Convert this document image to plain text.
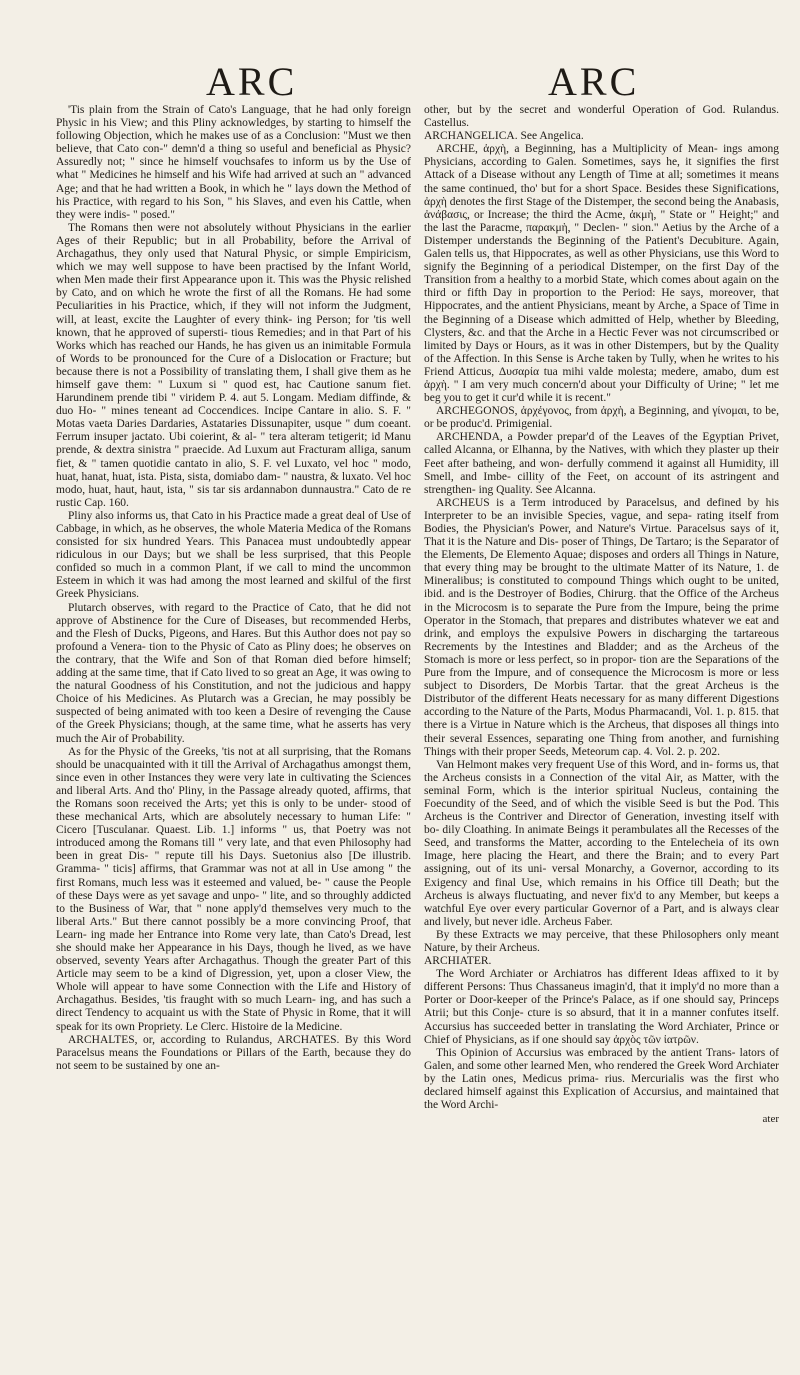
ARC	ARC

'Tis plain from the Strain of Cato's Language, that he had only foreign Physic in his View; and this Pliny acknowledges, by starting to himself the following Objection, which he makes use of as a Conclusion: "Must we then believe, that Cato con-" demn'd a thing so useful and beneficial as Physic? Assuredly not; " since he himself vouchsafes to inform us by the Use of what " Medicines he himself and his Wife had arrived at such an " advanced Age; and that he had written a Book, in which he " lays down the Method of his Practice, with regard to his Son, " his Slaves, and even his Cattle, when they were indis- " posed."

The Romans then were not absolutely without Physicians in the earlier Ages of their Republic; but in all Probability, before the Arrival of Archagathus, they only used that Natural Physic, or simple Empiricism, which we may well suppose to have been practised by the Infant World, when Men made their first Appearance upon it. This was the Physic relished by Cato, and on which he wrote the first of all the Romans. He had some Peculiarities in his Practice, which, if they will not inform the Judgment, will, at least, excite the Laughter of every think- ing Person; for 'tis well known, that he approved of supersti- tious Remedies; and in that Part of his Works which has reached our Hands, he has given us an inimitable Formula of Words to be pronounced for the Cure of a Dislocation or Fracture; but because there is not a Possibility of translating them, I shall give them as he himself gave them: " Luxum si " quod est, hac Cautione sanum fiet. Harundinem prende tibi " viridem P. 4. aut 5. Longam. Mediam diffinde, & duo Ho- " mines teneant ad Coccendices. Incipe Cantare in alio. S. F. " Motas vaeta Daries Dardaries, Astataries Dissunapiter, usque " dum coeant. Ferrum insuper jactato. Ubi coierint, & al- " tera alteram tetigerit; id Manu prende, & dextra sinistra " praecide. Ad Luxum aut Fracturam alliga, sanum fiet, & " tamen quotidie cantato in alio, S. F. vel Luxato, vel hoc " modo, huat, hanat, huat, ista. Pista, sista, domiabo dam- " naustra, & luxato. Vel hoc modo, huat, haut, haut, ista, " sis tar sis ardannabon dunnaustra." Cato de re rustic Cap. 160.

Pliny also informs us, that Cato in his Practice made a great deal of Use of Cabbage, in which, as he observes, the whole Materia Medica of the Romans consisted for six hundred Years. This Panacea must undoubtedly appear ridiculous in our Days; but we shall be less surprised, that this People confided so much in a common Plant, if we call to mind the uncommon Esteem in which it was had among the most learned and skilful of the first Greek Physicians.

Plutarch observes, with regard to the Practice of Cato, that he did not approve of Abstinence for the Cure of Diseases, but recommended Herbs, and the Flesh of Ducks, Pigeons, and Hares. But this Author does not pay so profound a Venera- tion to the Physic of Cato as Pliny does; he observes on the contrary, that the Wife and Son of that Roman died before himself; adding at the same time, that if Cato lived to so great an Age, it was owing to the natural Goodness of his Constitution, and not the judicious and happy Choice of his Medicines. As Plutarch was a Grecian, he may possibly be suspected of being animated with too keen a Desire of revenging the Cause of the Greek Physicians; though, at the same time, what he asserts has very much the Air of Probability.

As for the Physic of the Greeks, 'tis not at all surprising, that the Romans should be unacquainted with it till the Arrival of Archagathus amongst them, since even in other Instances they were very late in cultivating the Sciences and liberal Arts. And tho' Pliny, in the Passage already quoted, affirms, that the Romans soon received the Arts; yet this is only to be under- stood of these mechanical Arts, which are absolutely necessary to human Life: " Cicero [Tusculanar. Quaest. Lib. 1.] informs " us, that Poetry was not introduced among the Romans till " very late, and that even Philosophy had been in great Dis- " repute till his Days. Suetonius also [De illustrib. Gramma- " ticis] affirms, that Grammar was not at all in Use among " the first Romans, much less was it esteemed and valued, be- " cause the People of these Days were as yet savage and unpo- " lite, and so throughly addicted to the Business of War, that " none apply'd themselves very much to the liberal Arts." But there cannot possibly be a more convincing Proof, that Learn- ing made her Entrance into Rome very late, than Cato's Dread, lest she should make her Appearance in his Days, though he lived, as we have observed, seventy Years after Archagathus. Though the greater Part of this Article may seem to be a kind of Digression, yet, upon a closer View, the Whole will appear to have some Connection with the Life and History of Archagathus. Besides, 'tis fraught with so much Learn- ing, and has such a direct Tendency to acquaint us with the State of Physic in Rome, that it will speak for its own Propriety. Le Clerc. Histoire de la Medicine.

ARCHALTES, or, according to Rulandus, ARCHATES. By this Word Paracelsus means the Foundations or Pillars of the Earth, because they do not seem to be sustained by one an-

other, but by the secret and wonderful Operation of God. Rulandus. Castellus.

ARCHANGELICA. See Angelica.

ARCHE, ἀρχὴ, a Beginning, has a Multiplicity of Mean- ings among Physicians, according to Galen. Sometimes, says he, it signifies the first Attack of a Disease without any Length of Time at all; sometimes it means the same continued, tho' but for a short Space. Besides these Significations, ἀρχὴ denotes the first Stage of the Distemper, the second being the Anabasis, ἀνάβασις, or Increase; the third the Acme, ἀκμὴ, " State or " Height;" and the last the Paracme, παρακμὴ, " Declen- " sion." Aetius by the Arche of a Distemper understands the Beginning of the Patient's Decubiture. Again, Galen tells us, that Hippocrates, as well as other Physicians, use this Word to signify the Beginning of a periodical Distemper, on the first Day of the Transition from a healthy to a morbid State, which comes about again on the third or fifth Day in proportion to the Period: He says, moreover, that Hippocrates, and the antient Physicians, meant by Arche, a Space of Time in the Beginning of a Disease which admitted of Help, whether by Bleeding, Clysters, &c. and that the Arche in a Hectic Fever was not circumscribed or limited by Days or Hours, as it was in other Distempers, but by the Quality of the Affection. In this Sense is Arche taken by Tully, when he writes to his Friend Atticus, Δυσαρία tua mihi valde molesta; medere, amabo, dum est ἀρχὴ. " I am very much concern'd about your Difficulty of Urine; " let me beg you to get it cur'd while it is recent."

ARCHEGONOS, ἀρχέγονος, from ἀρχὴ, a Beginning, and γίνομαι, to be, or be produc'd. Primigenial.

ARCHENDA, a Powder prepar'd of the Leaves of the Egyptian Privet, called Alcanna, or Elhanna, by the Natives, with which they plaster up their Feet after batheing, and won- derfully commend it against all Humidity, ill Smell, and Imbe- cillity of the Feet, on account of its astringent and strengthen- ing Quality. See Alcanna.

ARCHEUS is a Term introduced by Paracelsus, and defined by his Interpreter to be an invisible Species, vague, and sepa- rating itself from Bodies, the Physician's Power, and Nature's Virtue. Paracelsus says of it, That it is the Nature and Dis- poser of Things, De Tartaro; is the Separator of the Elements, De Elemento Aquae; disposes and orders all Things in Nature, that every thing may be brought to the ultimate Matter of its Nature, 1. de Mineralibus; is constituted to compound Things which ought to be united, ibid. and is the Destroyer of Bodies, Chirurg. that the Office of the Archeus in the Microcosm is to separate the Pure from the Impure, being the prime Operator in the Stomach, that prepares and distributes whatever we eat and drink, and employs the expulsive Powers in discharging the tartareous Recrements by the Intestines and Bladder; and as the Archeus of the Stomach is more or less perfect, so in propor- tion are the Separations of the Pure from the Impure, and of consequence the Microcosm is more or less subject to Disorders, De Morbis Tartar. that the great Archeus is the Distributor of the different Heats necessary for as many different Digestions according to the Nature of the Parts, Modus Pharmacandi, Vol. 1. p. 815. that there is a Virtue in Nature which is the Archeus, that disposes all things into their several Essences, separating one Thing from another, and furnishing Things with their proper Seeds, Meteorum cap. 4. Vol. 2. p. 202.

Van Helmont makes very frequent Use of this Word, and in- forms us, that the Archeus consists in a Connection of the vital Air, as Matter, with the seminal Form, which is the interior spiritual Nucleus, containing the Foecundity of the Seed, and of which the visible Seed is but the Pod. This Archeus is the Contriver and Director of Generation, investing itself with bo- dily Cloathing. In animate Beings it perambulates all the Recesses of the Seed, and transforms the Matter, according to the Entelecheia of its own Image, here placing the Heart, and there the Brain; and to every Part assigning, out of its uni- versal Monarchy, a Governor, according to its Exigency and final Use, which remains in his Office till Death; but the Archeus is always fluctuating, and never fix'd to any Member, but keeps a watchful Eye over every particular Governor of a Part, and is always clear and lively, but never idle. Archeus Faber.

By these Extracts we may perceive, that these Philosophers only meant Nature, by their Archeus.

ARCHIATER.

The Word Archiater or Archiatros has different Ideas affixed to it by different Persons: Thus Chassaneus imagin'd, that it imply'd no more than a Porter or Door-keeper of the Prince's Palace, as if one should say, Princeps Atrii; but this Conje- cture is so absurd, that it in a manner confutes itself. Accursius has succeeded better in translating the Word Archiater, Prince or Chief of Physicians, as if one should say ἀρχὸς τῶν ἰατρῶν.

This Opinion of Accursius was embraced by the antient Trans- lators of Galen, and some other learned Men, who rendered the Greek Word Archiater by the Latin ones, Medicus prima- rius. Mercurialis was the first who declared himself against this Explication of Accursius, and maintained that the Word Archi-

ater
